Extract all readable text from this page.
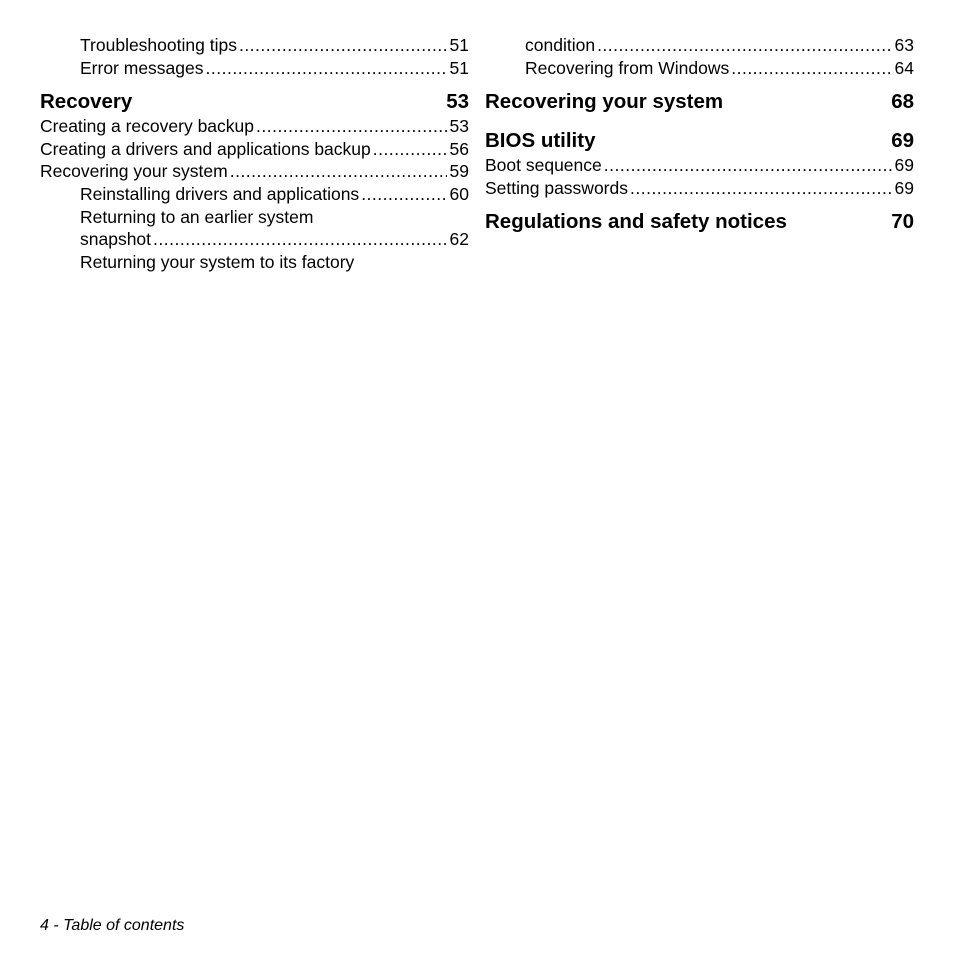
Troubleshooting tips .....	51
Error messages .....	51
Recovery	53
Creating a recovery backup .....	53
Creating a drivers and applications backup .....	56
Recovering your system .....	59
Reinstalling drivers and applications .....	60
Returning to an earlier system
snapshot .....	62
Returning your system to its factory
condition .....	63
Recovering from Windows .....	64
Recovering your system	68
BIOS utility	69
Boot sequence .....	69
Setting passwords .....	69
Regulations and safety notices	70
4 - Table of contents
